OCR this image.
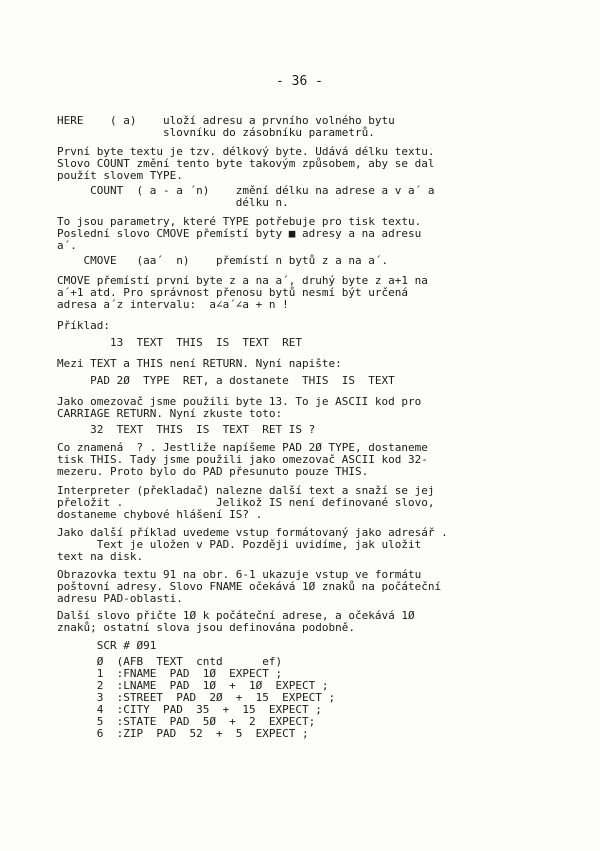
- 36 -
HERE    ( a)    uloží adresu a prvního volného bytu
slovníku do zásobníku parametrů.
První byte textu je tzv. délkový byte. Udává délku textu.
Slovo COUNT změní tento byte takovým způsobem, aby se dal
použít slovem TYPE.
COUNT  ( a - a ´n)    změní délku na adrese a v a´ a
délku n.
To jsou parametry, které TYPE potřebuje pro tisk textu.
Poslední slovo CMOVE přemístí byty ■ adresy a na adresu
a´.
CMOVE   (aa´  n)    přemístí n bytů z a na a´.
CMOVE přemístí první byte z a na a´, druhý byte z a+1 na
a´+1 atd. Pro správnost přenosu bytů nesmí být určená
adresa a´z intervalu:  a∠a´∠a + n !
Příklad:
13  TEXT  THIS  IS  TEXT  RET
Mezi TEXT a THIS není RETURN. Nyní napište:
PAD 2Ø  TYPE  RET, a dostanete  THIS  IS  TEXT
Jako omezovač jsme použili byte 13. To je ASCII kod pro
CARRIAGE RETURN. Nyní zkuste toto:
32  TEXT  THIS  IS  TEXT  RET IS ?
Co znamená  ? . Jestliže napíšeme PAD 2Ø TYPE, dostaneme
tisk THIS. Tady jsme použili jako omezovač ASCII kod 32-
mezeru. Proto bylo do PAD přesunuto pouze THIS.
Interpreter (překladač) nalezne další text a snaží se jej
přeložit .              Jelikož IS není definované slovo,
dostaneme chybové hlášení IS? .
Jako další příklad uvedeme vstup formátovaný jako adresář .
Text je uložen v PAD. Později uvidíme, jak uložit
text na disk.
Obrazovka textu 91 na obr. 6-1 ukazuje vstup ve formátu
poštovní adresy. Slovo FNAME očekává 1Ø znaků na počáteční
adresu PAD-oblasti.
Další slovo přičte 1Ø k počáteční adrese, a očekává 1Ø
znaků; ostatní slova jsou definována podobně.
SCR # Ø91
Ø  (AFB  TEXT  cntd      ef)
1  :FNAME  PAD  1Ø  EXPECT ;
2  :LNAME  PAD  1Ø  +  1Ø  EXPECT ;
3  :STREET  PAD  2Ø  +  15  EXPECT ;
4  :CITY  PAD  35  +  15  EXPECT ;
5  :STATE  PAD  5Ø  +  2  EXPECT;
6  :ZIP  PAD  52  +  5  EXPECT ;
